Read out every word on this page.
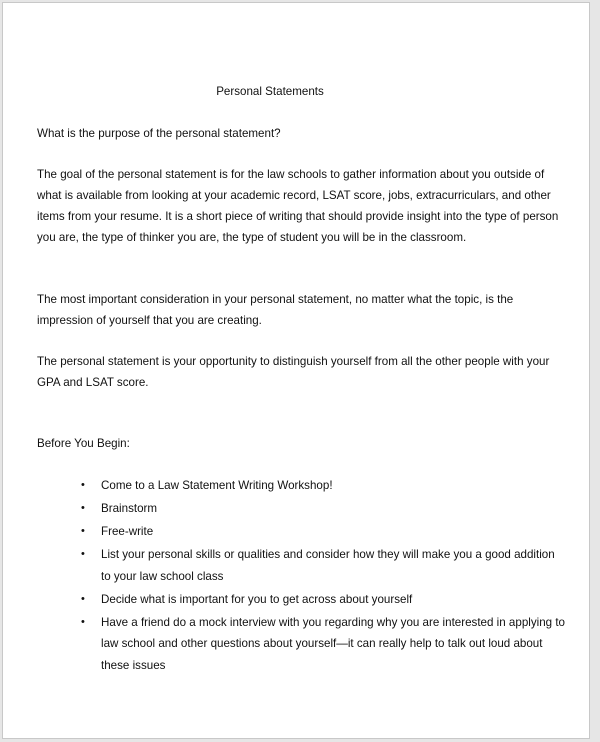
Personal Statements

What is the purpose of the personal statement?

The goal of the personal statement is for the law schools to gather information about you outside of what is available from looking at your academic record, LSAT score, jobs, extracurriculars, and other items from your resume. It is a short piece of writing that should provide insight into the type of person you are, the type of thinker you are, the type of student you will be in the classroom.

The most important consideration in your personal statement, no matter what the topic, is the impression of yourself that you are creating.

The personal statement is your opportunity to distinguish yourself from all the other people with your GPA and LSAT score.

Before You Begin:

• Come to a Law Statement Writing Workshop!
• Brainstorm
• Free-write
• List your personal skills or qualities and consider how they will make you a good addition to your law school class
• Decide what is important for you to get across about yourself
• Have a friend do a mock interview with you regarding why you are interested in applying to law school and other questions about yourself—it can really help to talk out loud about these issues
